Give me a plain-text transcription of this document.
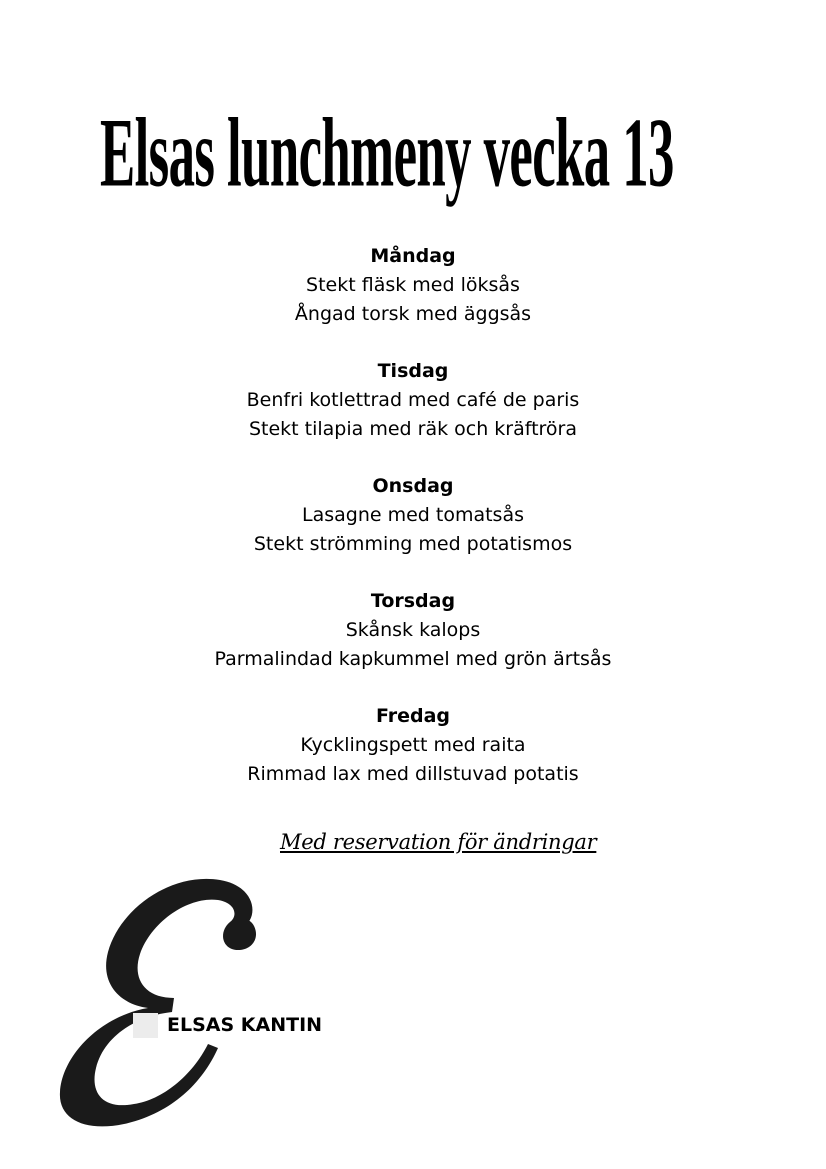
Elsas lunchmeny vecka 13
Måndag
Stekt fläsk med löksås
Ångad torsk med äggsås
Tisdag
Benfri kotlettrad med café de paris
Stekt tilapia med räk och kräftröra
Onsdag
Lasagne med tomatsås
Stekt strömming med potatismos
Torsdag
Skånsk kalops
Parmalindad kapkummel med grön ärtsås
Fredag
Kycklingspett med raita
Rimmad lax med dillstuvad potatis
Med reservation för ändringar
ELSAS KANTIN
